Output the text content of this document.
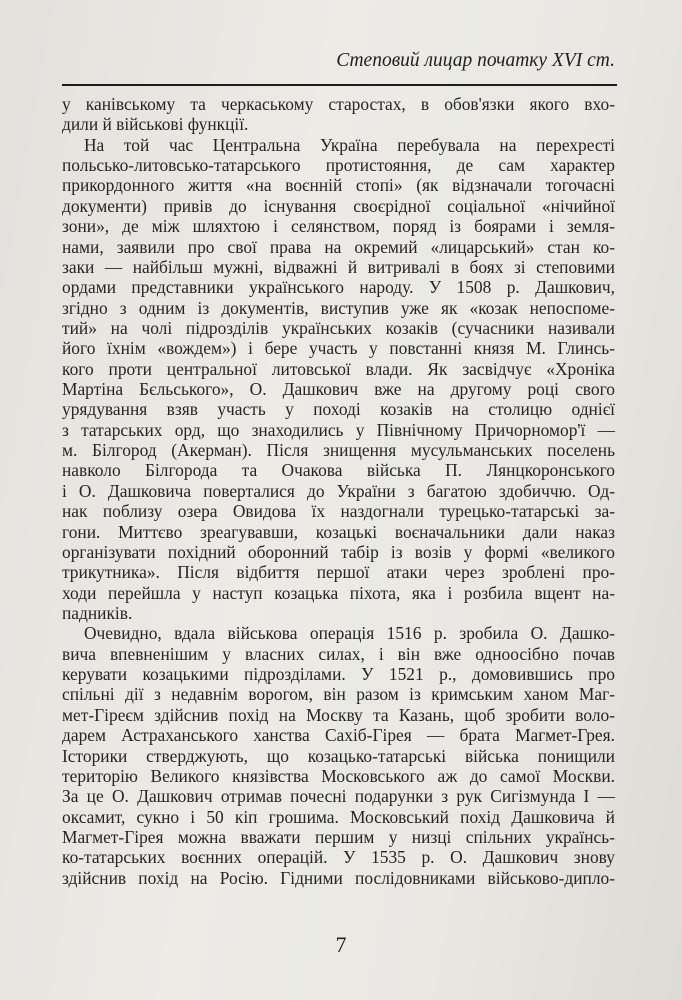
Степовий лицар початку XVI ст.
у канівському та черкаському старостах, в обов'язки якого вхо-
дили й військові функції.
На той час Центральна Україна перебувала на перехресті
польсько-литовсько-татарського протистояння, де сам характер
прикордонного життя «на воєнній стопі» (як відзначали тогочасні
документи) привів до існування своєрідної соціальної «нічийної
зони», де між шляхтою і селянством, поряд із боярами і земля-
нами, заявили про свої права на окремий «лицарський» стан ко-
заки — найбільш мужні, відважні й витривалі в боях зі степовими
ордами представники українського народу. У 1508 р. Дашкович,
згідно з одним із документів, виступив уже як «козак непоспоме-
тий» на чолі підрозділів українських козаків (сучасники називали
його їхнім «вождем») і бере участь у повстанні князя М. Глинсь-
кого проти центральної литовської влади. Як засвідчує «Хроніка
Мартіна Бєльського», О. Дашкович вже на другому році свого
урядування взяв участь у поході козаків на столицю однієї
з татарських орд, що знаходились у Північному Причорномор'ї —
м. Білгород (Акерман). Після знищення мусульманських поселень
навколо Білгорода та Очакова війська П. Лянцкоронського
і О. Дашковича поверталися до України з багатою здобиччю. Од-
нак поблизу озера Овидова їх наздогнали турецько-татарські за-
гони. Миттєво зреагувавши, козацькі воєначальники дали наказ
організувати похідний оборонний табір із возів у формі «великого
трикутника». Після відбиття першої атаки через зроблені про-
ходи перейшла у наступ козацька піхота, яка і розбила вщент на-
падників.
Очевидно, вдала військова операція 1516 р. зробила О. Дашко-
вича впевненішим у власних силах, і він вже одноосібно почав
керувати козацькими підрозділами. У 1521 р., домовившись про
спільні дії з недавнім ворогом, він разом із кримським ханом Маг-
мет-Гіреєм здійснив похід на Москву та Казань, щоб зробити воло-
дарем Астраханського ханства Сахіб-Гірея — брата Магмет-Грея.
Історики стверджують, що козацько-татарські війська понищили
територію Великого князівства Московського аж до самої Москви.
За це О. Дашкович отримав почесні подарунки з рук Сигізмунда I —
оксамит, сукно і 50 кіп грошима. Московський похід Дашковича й
Магмет-Гірея можна вважати першим у низці спільних українсь-
ко-татарських воєнних операцій. У 1535 р. О. Дашкович знову
здійснив похід на Росію. Гідними послідовниками військово-дипло-
7
